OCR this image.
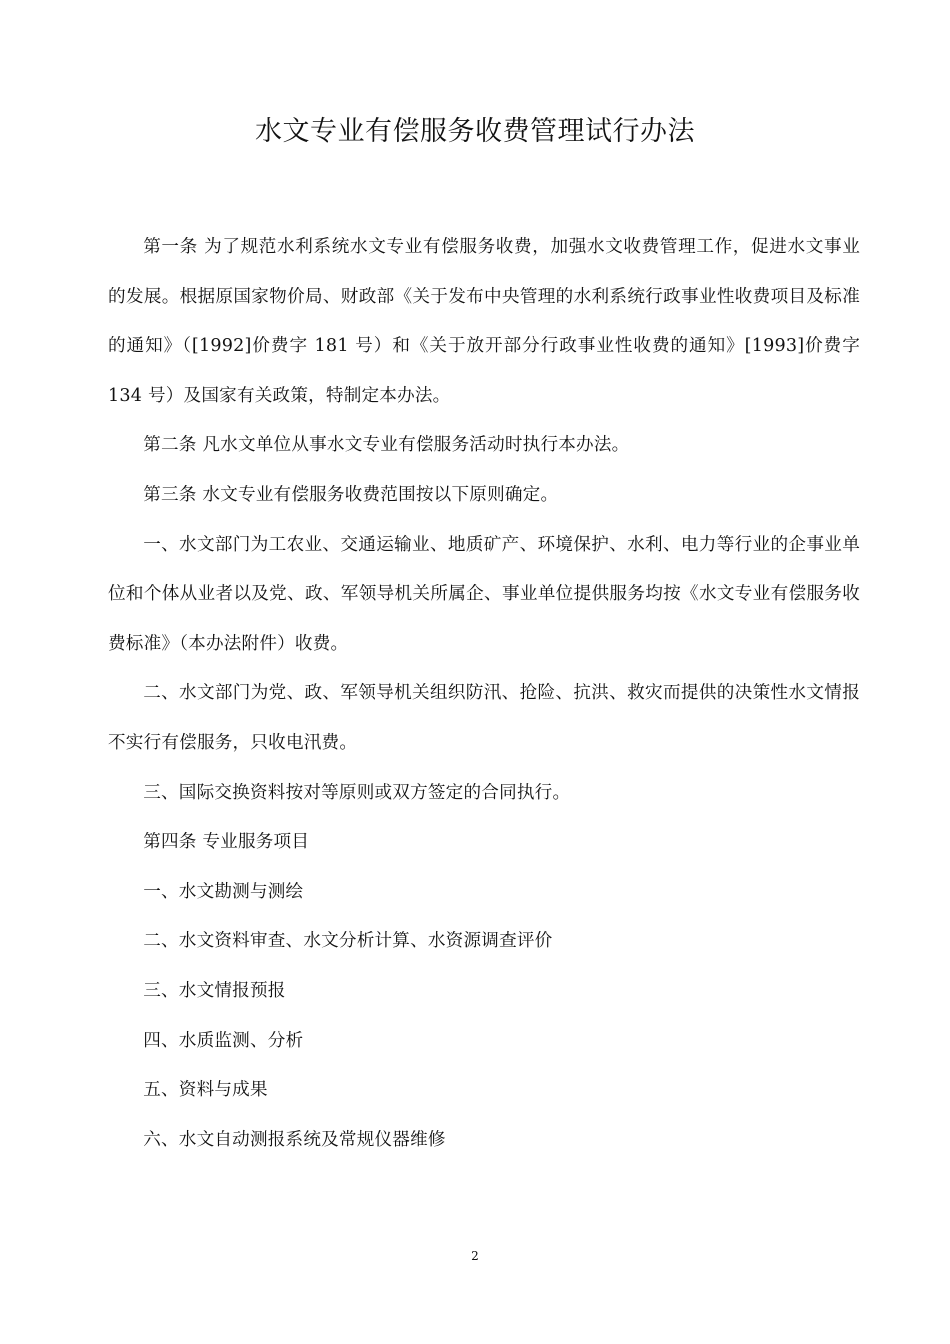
水文专业有偿服务收费管理试行办法

第一条 为了规范水利系统水文专业有偿服务收费，加强水文收费管理工作，促进水文事业的发展。根据原国家物价局、财政部《关于发布中央管理的水利系统行政事业性收费项目及标准的通知》（[1992]价费字 181 号）和《关于放开部分行政事业性收费的通知》[1993]价费字 134 号）及国家有关政策，特制定本办法。

第二条 凡水文单位从事水文专业有偿服务活动时执行本办法。

第三条 水文专业有偿服务收费范围按以下原则确定。

一、水文部门为工农业、交通运输业、地质矿产、环境保护、水利、电力等行业的企事业单位和个体从业者以及党、政、军领导机关所属企、事业单位提供服务均按《水文专业有偿服务收费标准》（本办法附件）收费。

二、水文部门为党、政、军领导机关组织防汛、抢险、抗洪、救灾而提供的决策性水文情报不实行有偿服务，只收电汛费。

三、国际交换资料按对等原则或双方签定的合同执行。

第四条 专业服务项目

一、水文勘测与测绘

二、水文资料审查、水文分析计算、水资源调查评价

三、水文情报预报

四、水质监测、分析

五、资料与成果

六、水文自动测报系统及常规仪器维修

2
